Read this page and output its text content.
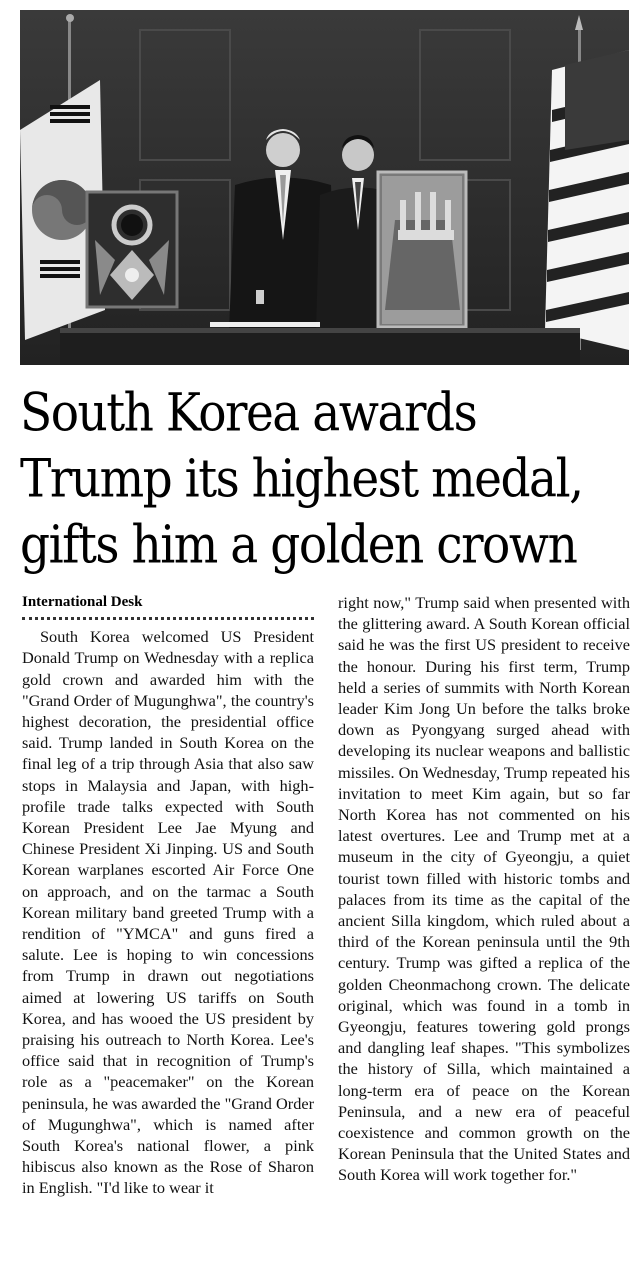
South Korea awards Trump its highest medal, gifts him a golden crown
International Desk

South Korea welcomed US President Donald Trump on Wednesday with a replica gold crown and awarded him with the "Grand Order of Mugunghwa", the country's highest decoration, the presidential office said. Trump landed in South Korea on the final leg of a trip through Asia that also saw stops in Malaysia and Japan, with high-profile trade talks expected with South Korean President Lee Jae Myung and Chinese President Xi Jinping. US and South Korean warplanes escorted Air Force One on approach, and on the tarmac a South Korean military band greeted Trump with a rendition of "YMCA" and guns fired a salute. Lee is hoping to win concessions from Trump in drawn out negotiations aimed at lowering US tariffs on South Korea, and has wooed the US president by praising his outreach to North Korea. Lee's office said that in recognition of Trump's role as a "peacemaker" on the Korean peninsula, he was awarded the "Grand Order of Mugunghwa", which is named after South Korea's national flower, a pink hibiscus also known as the Rose of Sharon in English. "I'd like to wear it

right now," Trump said when presented with the glittering award. A South Korean official said he was the first US president to receive the honour. During his first term, Trump held a series of summits with North Korean leader Kim Jong Un before the talks broke down as Pyongyang surged ahead with developing its nuclear weapons and ballistic missiles. On Wednesday, Trump repeated his invitation to meet Kim again, but so far North Korea has not commented on his latest overtures. Lee and Trump met at a museum in the city of Gyeongju, a quiet tourist town filled with historic tombs and palaces from its time as the capital of the ancient Silla kingdom, which ruled about a third of the Korean peninsula until the 9th century. Trump was gifted a replica of the golden Cheonmachong crown. The delicate original, which was found in a tomb in Gyeongju, features towering gold prongs and dangling leaf shapes. "This symbolizes the history of Silla, which maintained a long-term era of peace on the Korean Peninsula, and a new era of peaceful coexistence and common growth on the Korean Peninsula that the United States and South Korea will work together for."
